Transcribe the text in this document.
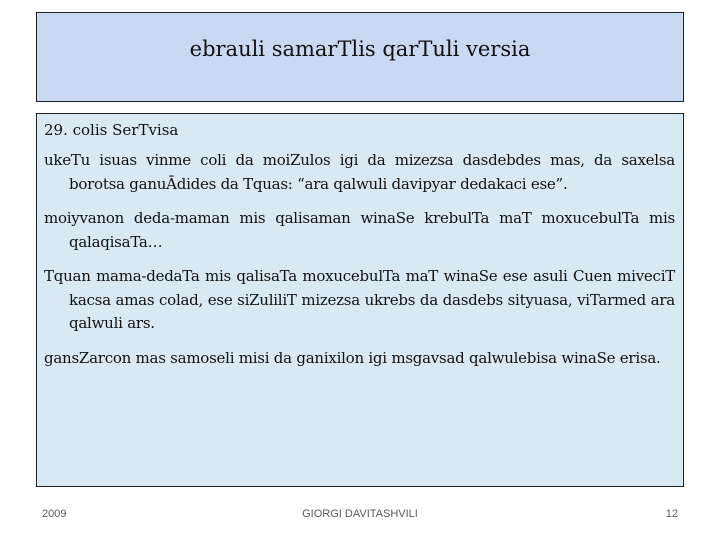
ebrauli samarTlis qarTuli versia
29. colis SerTvisa

ukeTu isuas vinme coli da moiZulos igi da mizezsa dasdebdes mas, da saxelsa borotsa ganuĀdides da Tquas: “ara qalwuli davipyar dedakaci ese”.

moiyvanon deda-maman mis qalisaman winaSe krebulTa maT moxucebulTa mis qalaqisaTa…

Tquan mama-dedaTa mis qalisaTa moxucebulTa maT winaSe ese asuli Cuen miveciT kacsa amas colad, ese siZuliliT mizezsa ukrebs da dasdebs sityuasa, viTarmed ara qalwuli ars.

gansZarcon mas samoseli misi da ganixilon igi msgavsad qalwulebisa winaSe erisa.

2009	GIORGI DAVITASHVILI	12
